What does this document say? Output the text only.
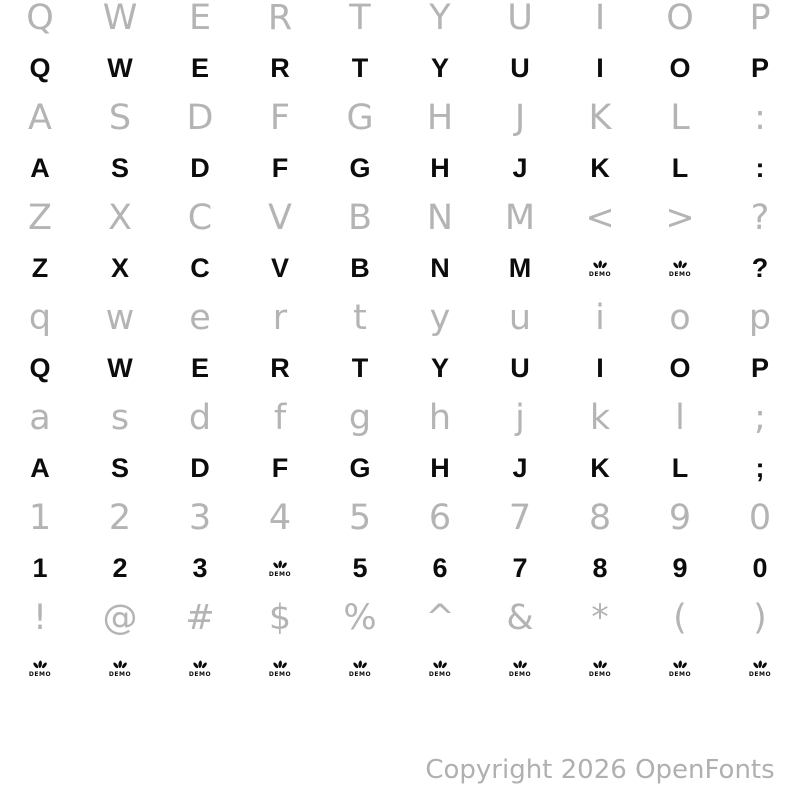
Q W E R T Y U I O P
Q W E R T Y U I O P
A S D F G H J K L :
A S D F G H J K L :
Z X C V B N M < > ?
Z X C V B N M	DEMO	DEMO ?
q w e r t y u i o p
Q W E R T Y U I O P
a s d f g h j k l ;
A S D F G H J K L ;
1 2 3 4 5 6 7 8 9 0
1 2 3	DEMO 5 6 7 8 9 0
! @ # $ % ^ & * ( )
DEMO	DEMO	DEMO	DEMO	DEMO	DEMO	DEMO	DEMO	DEMO	DEMO
Copyright 2026 OpenFonts
